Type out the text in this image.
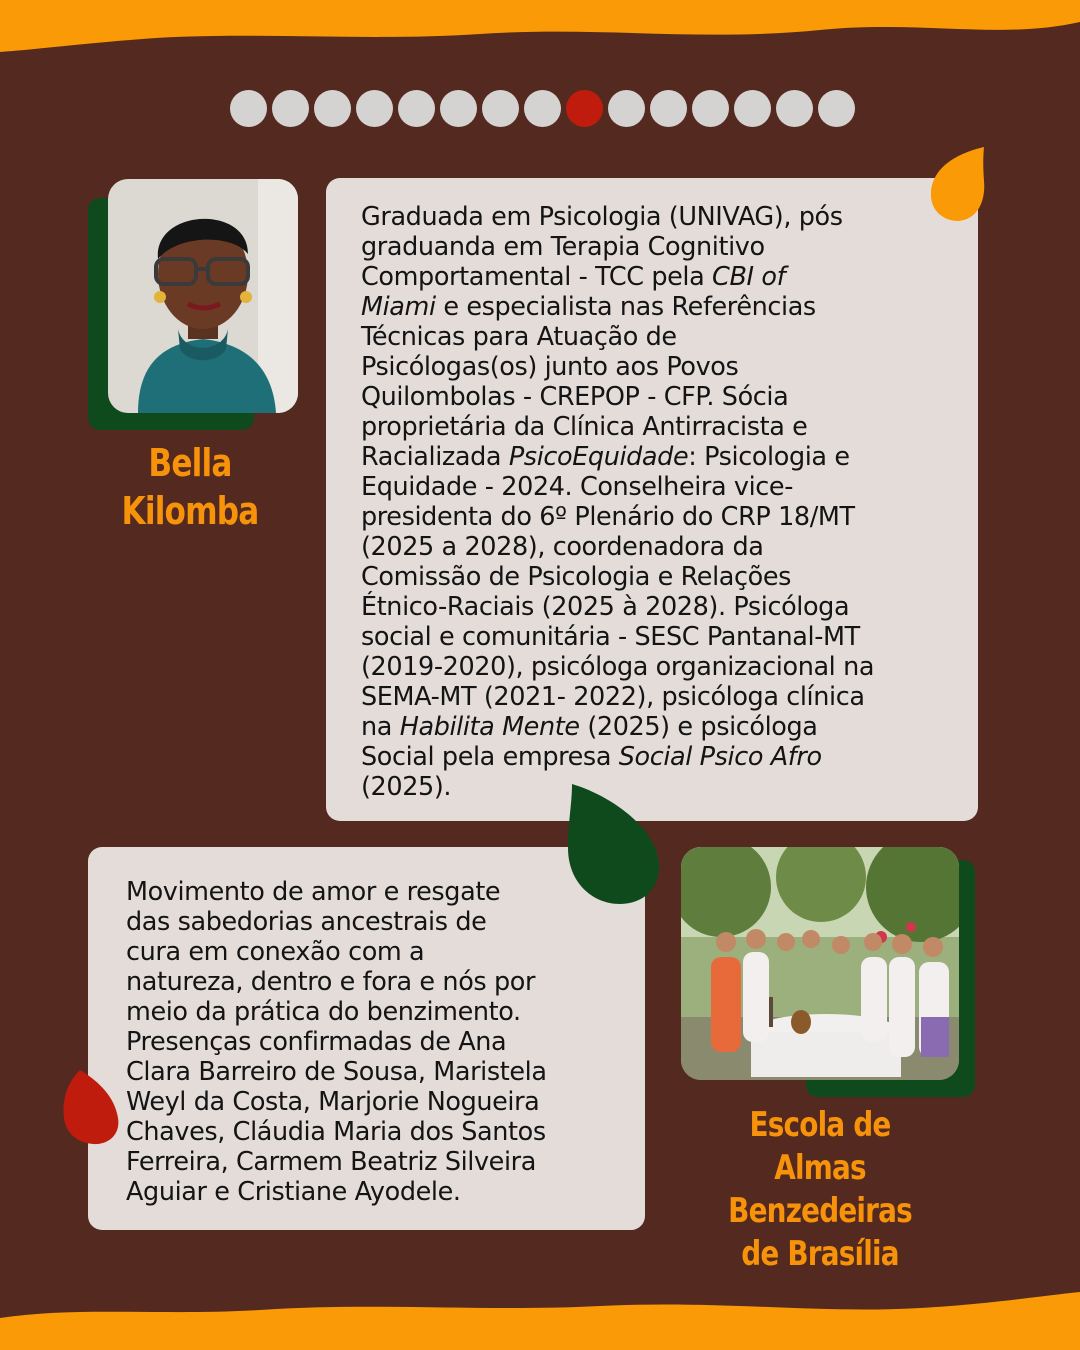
Bella
Kilomba
Graduada em Psicologia (UNIVAG), pós
graduanda em Terapia Cognitivo
Comportamental - TCC pela CBI of
Miami e especialista nas Referências
Técnicas para Atuação de
Psicólogas(os) junto aos Povos
Quilombolas - CREPOP - CFP. Sócia
proprietária da Clínica Antirracista e
Racializada PsicoEquidade: Psicologia e
Equidade - 2024. Conselheira vice-
presidenta do 6º Plenário do CRP 18/MT
(2025 a 2028), coordenadora da
Comissão de Psicologia e Relações
Étnico-Raciais (2025 à 2028). Psicóloga
social e comunitária - SESC Pantanal-MT
(2019-2020), psicóloga organizacional na
SEMA-MT (2021- 2022), psicóloga clínica
na Habilita Mente (2025) e psicóloga
Social pela empresa Social Psico Afro
(2025).
Movimento de amor e resgate
das sabedorias ancestrais de
cura em conexão com a
natureza, dentro e fora e nós por
meio da prática do benzimento.
Presenças confirmadas de Ana
Clara Barreiro de Sousa, Maristela
Weyl da Costa, Marjorie Nogueira
Chaves, Cláudia Maria dos Santos
Ferreira, Carmem Beatriz Silveira
Aguiar e Cristiane Ayodele.
Escola de Almas
Benzedeiras
de Brasília
